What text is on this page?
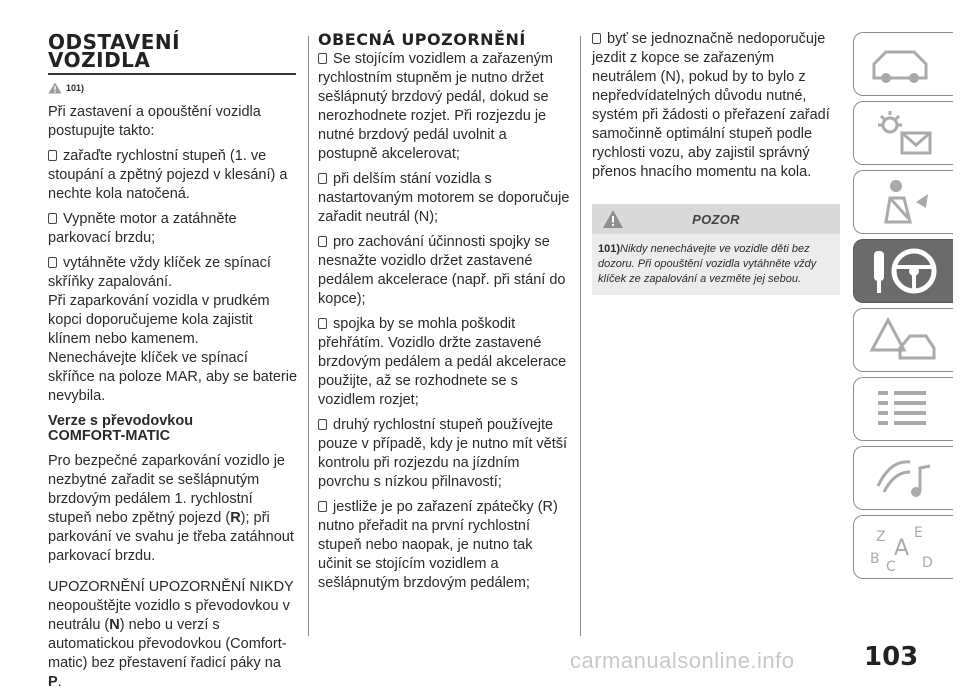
ODSTAVENÍ
VOZIDLA
101)

Při zastavení a opouštění vozidla postupujte takto:

zařaďte rychlostní stupeň (1. ve stoupání a zpětný pojezd v klesání) a nechte kola natočená.

Vypněte motor a zatáhněte parkovací brzdu;

vytáhněte vždy klíček ze spínací skříňky zapalování.

Při zaparkování vozidla v prudkém kopci doporučujeme kola zajistit klínem nebo kamenem.

Nenechávejte klíček ve spínací skříňce na poloze MAR, aby se baterie nevybila.

Verze s převodovkou
COMFORT-MATIC

Pro bezpečné zaparkování vozidlo je nezbytné zařadit se sešlápnutým brzdovým pedálem 1. rychlostní stupeň nebo zpětný pojezd (R); při parkování ve svahu je třeba zatáhnout parkovací brzdu.

UPOZORNĚNÍ UPOZORNĚNÍ NIKDY neopouštějte vozidlo s převodovkou v neutrálu (N) nebo u verzí s automatickou převodovkou (Comfort-matic) bez přestavení řadicí páky na P.

OBECNÁ UPOZORNĚNÍ

Se stojícím vozidlem a zařazeným rychlostním stupněm je nutno držet sešlápnutý brzdový pedál, dokud se nerozhodnete rozjet. Při rozjezdu je nutné brzdový pedál uvolnit a postupně akcelerovat;

při delším stání vozidla s nastartovaným motorem se doporučuje zařadit neutrál (N);

pro zachování účinnosti spojky se nesnažte vozidlo držet zastavené pedálem akcelerace (např. při stání do kopce);

spojka by se mohla poškodit přehřátím. Vozidlo držte zastavené brzdovým pedálem a pedál akcelerace použijte, až se rozhodnete se s vozidlem rozjet;

druhý rychlostní stupeň používejte pouze v případě, kdy je nutno mít větší kontrolu při rozjezdu na jízdním povrchu s nízkou přilnavostí;

jestliže je po zařazení zpátečky (R) nutno přeřadit na první rychlostní stupeň nebo naopak, je nutno tak učinit se stojícím vozidlem a sešlápnutým brzdovým pedálem;

byť se jednoznačně nedoporučuje jezdit z kopce se zařazeným neutrálem (N), pokud by to bylo z nepředvídatelných důvodu nutné, systém při žádosti o přeřazení zařadí samočinně optimální stupeň podle rychlosti vozu, aby zajistil správný přenos hnacího momentu na kola.

POZOR
101)Nikdy nenechávejte ve vozidle děti bez dozoru. Při opouštění vozidla vytáhněte vždy klíček ze zapalování a vezměte jej sebou.
Z E
A
B C D
103
carmanualsonline.info
